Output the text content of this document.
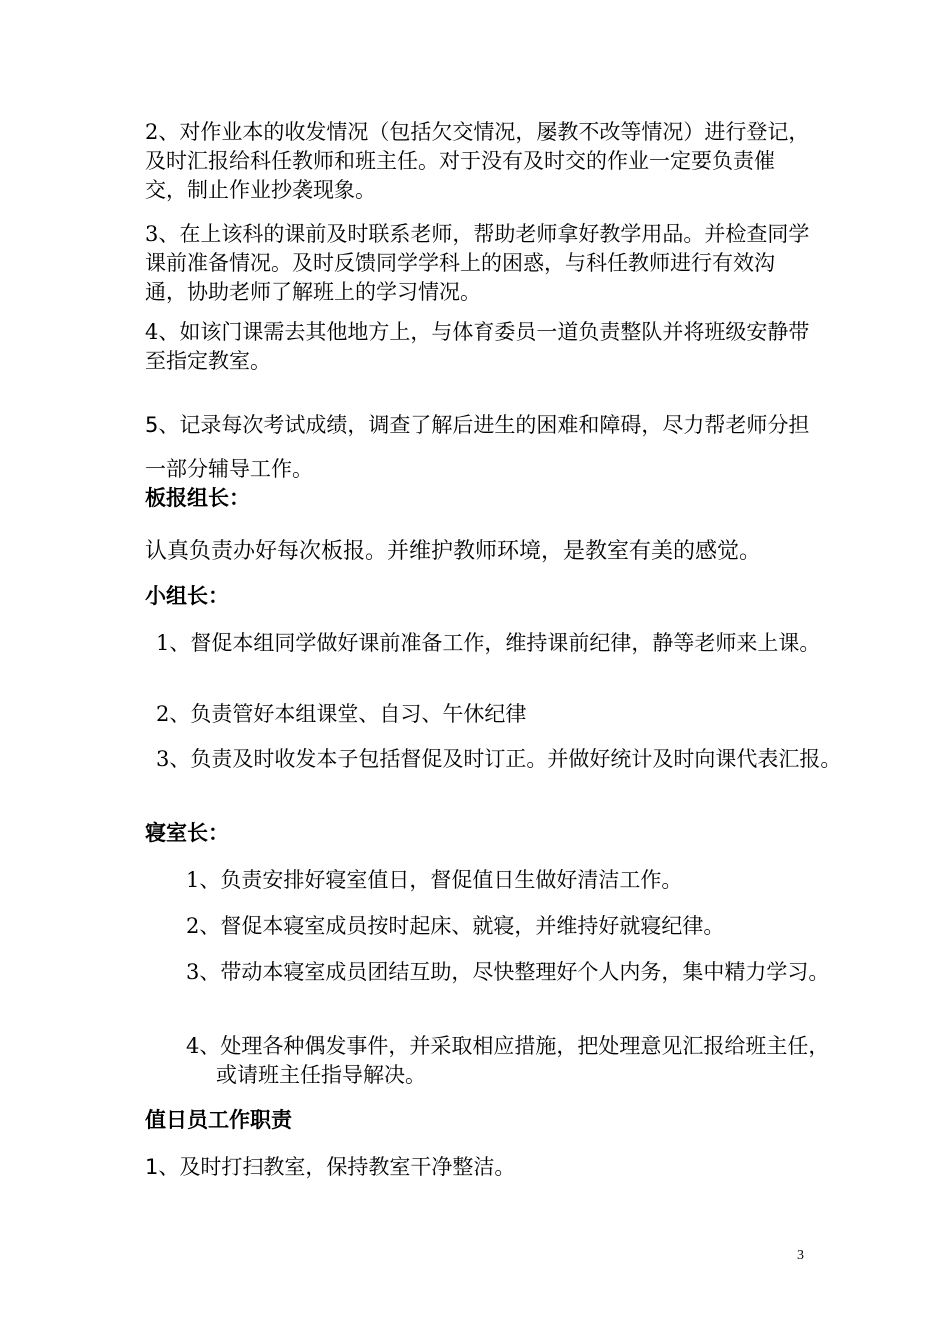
2、对作业本的收发情况（包括欠交情况，屡教不改等情况）进行登记，及时汇报给科任教师和班主任。对于没有及时交的作业一定要负责催交，制止作业抄袭现象。

3、在上该科的课前及时联系老师，帮助老师拿好教学用品。并检查同学课前准备情况。及时反馈同学学科上的困惑，与科任教师进行有效沟通，协助老师了解班上的学习情况。

4、如该门课需去其他地方上，与体育委员一道负责整队并将班级安静带至指定教室。

5、记录每次考试成绩，调查了解后进生的困难和障碍，尽力帮老师分担一部分辅导工作。

板报组长：

认真负责办好每次板报。并维护教师环境，是教室有美的感觉。

小组长：

1、督促本组同学做好课前准备工作，维持课前纪律，静等老师来上课。

2、负责管好本组课堂、自习、午休纪律

3、负责及时收发本子包括督促及时订正。并做好统计及时向课代表汇报。

寝室长：

1、负责安排好寝室值日，督促值日生做好清洁工作。

2、督促本寝室成员按时起床、就寝，并维持好就寝纪律。

3、带动本寝室成员团结互助，尽快整理好个人内务，集中精力学习。

4、处理各种偶发事件，并采取相应措施，把处理意见汇报给班主任，或请班主任指导解决。

值日员工作职责

1、及时打扫教室，保持教室干净整洁。

3
